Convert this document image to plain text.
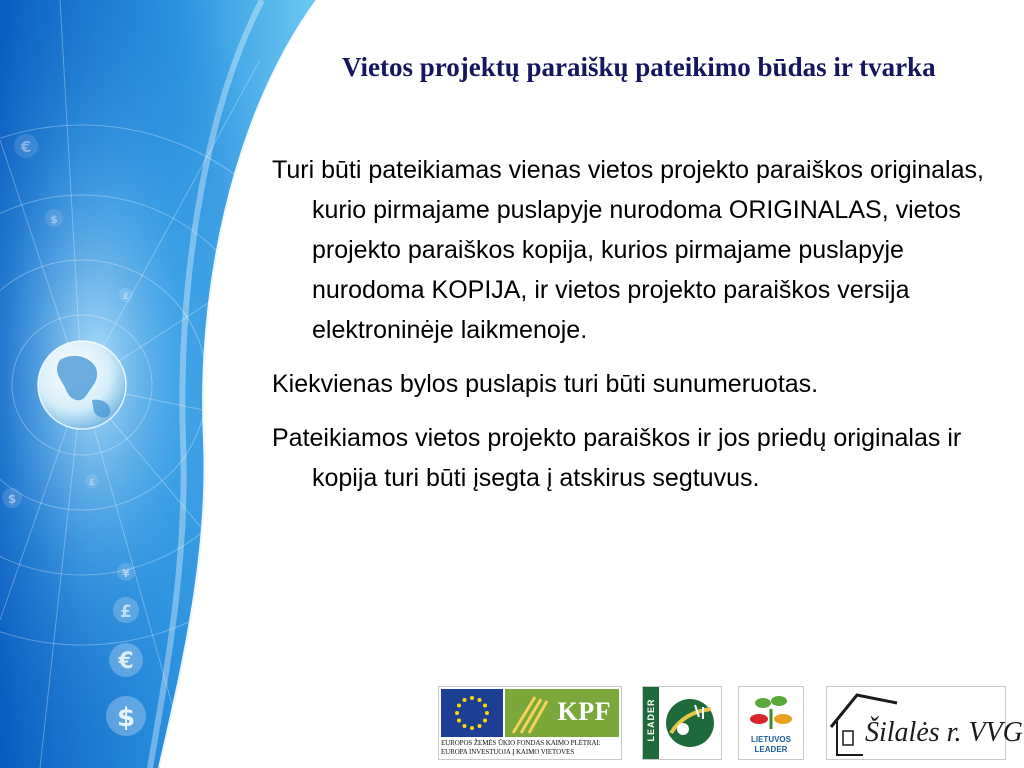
€
$
£
£
$
¥
£
€
$
Vietos projektų paraiškų pateikimo būdas ir tvarka

Turi būti pateikiamas vienas vietos projekto paraiškos originalas, kurio pirmajame puslapyje nurodoma ORIGINALAS, vietos projekto paraiškos kopija, kurios pirmajame puslapyje nurodoma KOPIJA, ir vietos projekto paraiškos versija elektroninėje laikmenoje.

Kiekvienas bylos puslapis turi būti sunumeruotas.

Pateikiamos vietos projekto paraiškos ir jos priedų originalas ir kopija turi būti įsegta į atskirus segtuvus.

KPF
EUROPOS ŽEMĖS ŪKIO FONDAS KAIMO PLĖTRAI:
EUROPA INVESTUOJA Į KAIMO VIETOVES
LEADER	LIETUVOS
LEADER
Šilalės r. VVG
